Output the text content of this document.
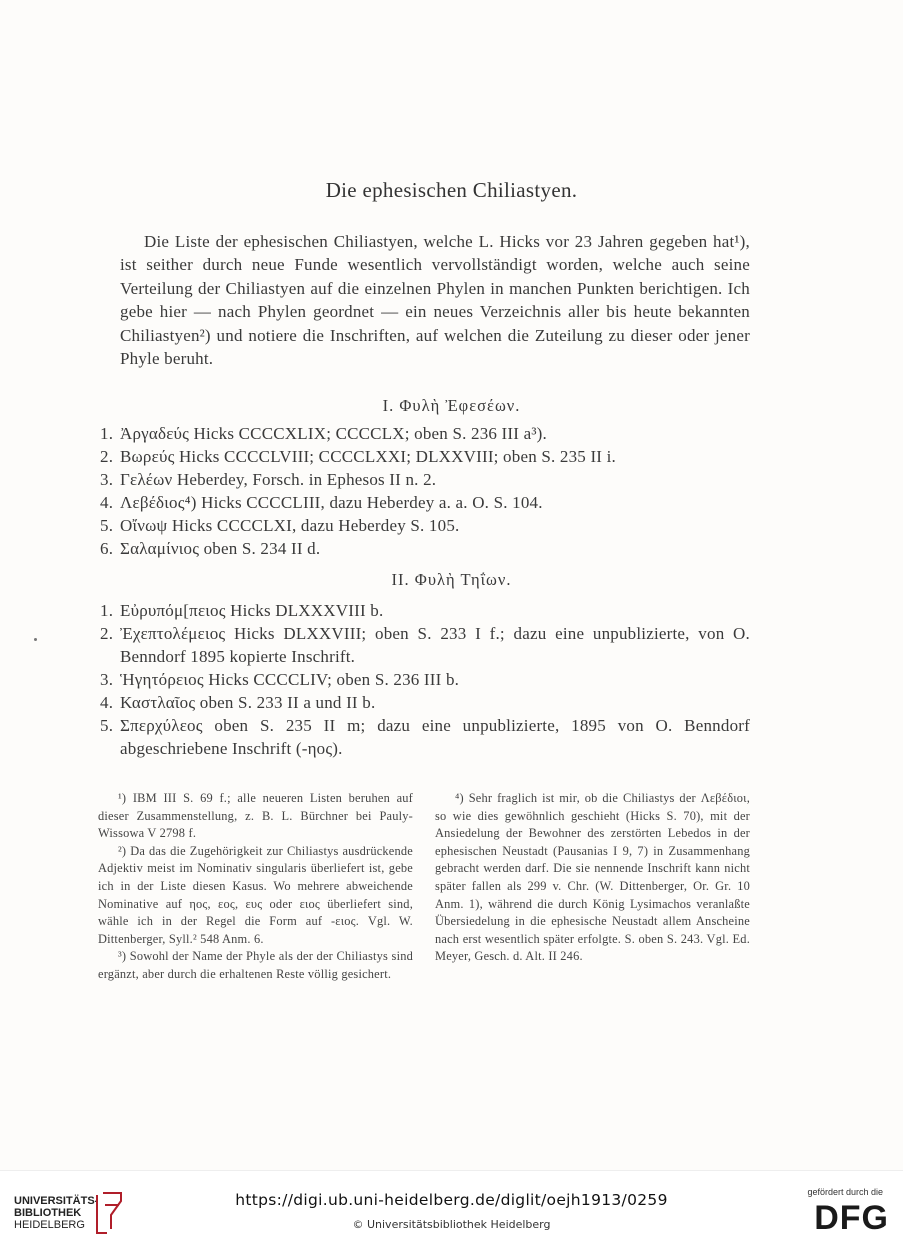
Die ephesischen Chiliastyen.

Die Liste der ephesischen Chiliastyen, welche L. Hicks vor 23 Jahren gegeben hat¹), ist seither durch neue Funde wesentlich vervollständigt worden, welche auch seine Verteilung der Chiliastyen auf die einzelnen Phylen in manchen Punkten berichtigen. Ich gebe hier — nach Phylen geordnet — ein neues Verzeichnis aller bis heute bekannten Chiliastyen²) und notiere die Inschriften, auf welchen die Zuteilung zu dieser oder jener Phyle beruht.

I. Φυλὴ Ἐφεσέων.
1. Ἀργαδεύς Hicks CCCCXLIX; CCCCLX; oben S. 236 III a³).
2. Βωρεύς Hicks CCCCLVIII; CCCCLXXI; DLXXVIII; oben S. 235 II i.
3. Γελέων Heberdey, Forsch. in Ephesos II n. 2.
4. Λεβέδιος⁴) Hicks CCCCLIII, dazu Heberdey a. a. O. S. 104.
5. Οἴνωψ Hicks CCCCLXI, dazu Heberdey S. 105.
6. Σαλαμίνιος oben S. 234 II d.
II. Φυλὴ Τηΐων.
1. Εὐρυπόμ[πειος Hicks DLXXXVIII b.
2. Ἐχεπτολέμειος Hicks DLXXVIII; oben S. 233 I f.; dazu eine unpublizierte, von O. Benndorf 1895 kopierte Inschrift.
3. Ἡγητόρειος Hicks CCCCLIV; oben S. 236 III b.
4. Καστλαῖος oben S. 233 II a und II b.
5. Σπερχύλεος oben S. 235 II m; dazu eine unpublizierte, 1895 von O. Benndorf abgeschriebene Inschrift (-ηος).

¹) IBM III S. 69 f.; alle neueren Listen beruhen auf dieser Zusammenstellung, z. B. L. Bürchner bei Pauly-Wissowa V 2798 f.

²) Da das die Zugehörigkeit zur Chiliastys ausdrückende Adjektiv meist im Nominativ singularis überliefert ist, gebe ich in der Liste diesen Kasus. Wo mehrere abweichende Nominative auf ηος, εος, ευς oder ειος überliefert sind, wähle ich in der Regel die Form auf -ειος. Vgl. W. Dittenberger, Syll.² 548 Anm. 6.

³) Sowohl der Name der Phyle als der der Chiliastys sind ergänzt, aber durch die erhaltenen Reste völlig gesichert.

⁴) Sehr fraglich ist mir, ob die Chiliastys der Λεβέδιοι, so wie dies gewöhnlich geschieht (Hicks S. 70), mit der Ansiedelung der Bewohner des zerstörten Lebedos in der ephesischen Neustadt (Pausanias I 9, 7) in Zusammenhang gebracht werden darf. Die sie nennende Inschrift kann nicht später fallen als 299 v. Chr. (W. Dittenberger, Or. Gr. 10 Anm. 1), während die durch König Lysimachos veranlaßte Übersiedelung in die ephesische Neustadt allem Anscheine nach erst wesentlich später erfolgte. S. oben S. 243. Vgl. Ed. Meyer, Gesch. d. Alt. II 246.

UNIVERSITÄTS-
BIBLIOTHEK
HEIDELBERG
https://digi.ub.uni-heidelberg.de/diglit/oejh1913/0259
© Universitätsbibliothek Heidelberg
gefördert durch die
DFG
